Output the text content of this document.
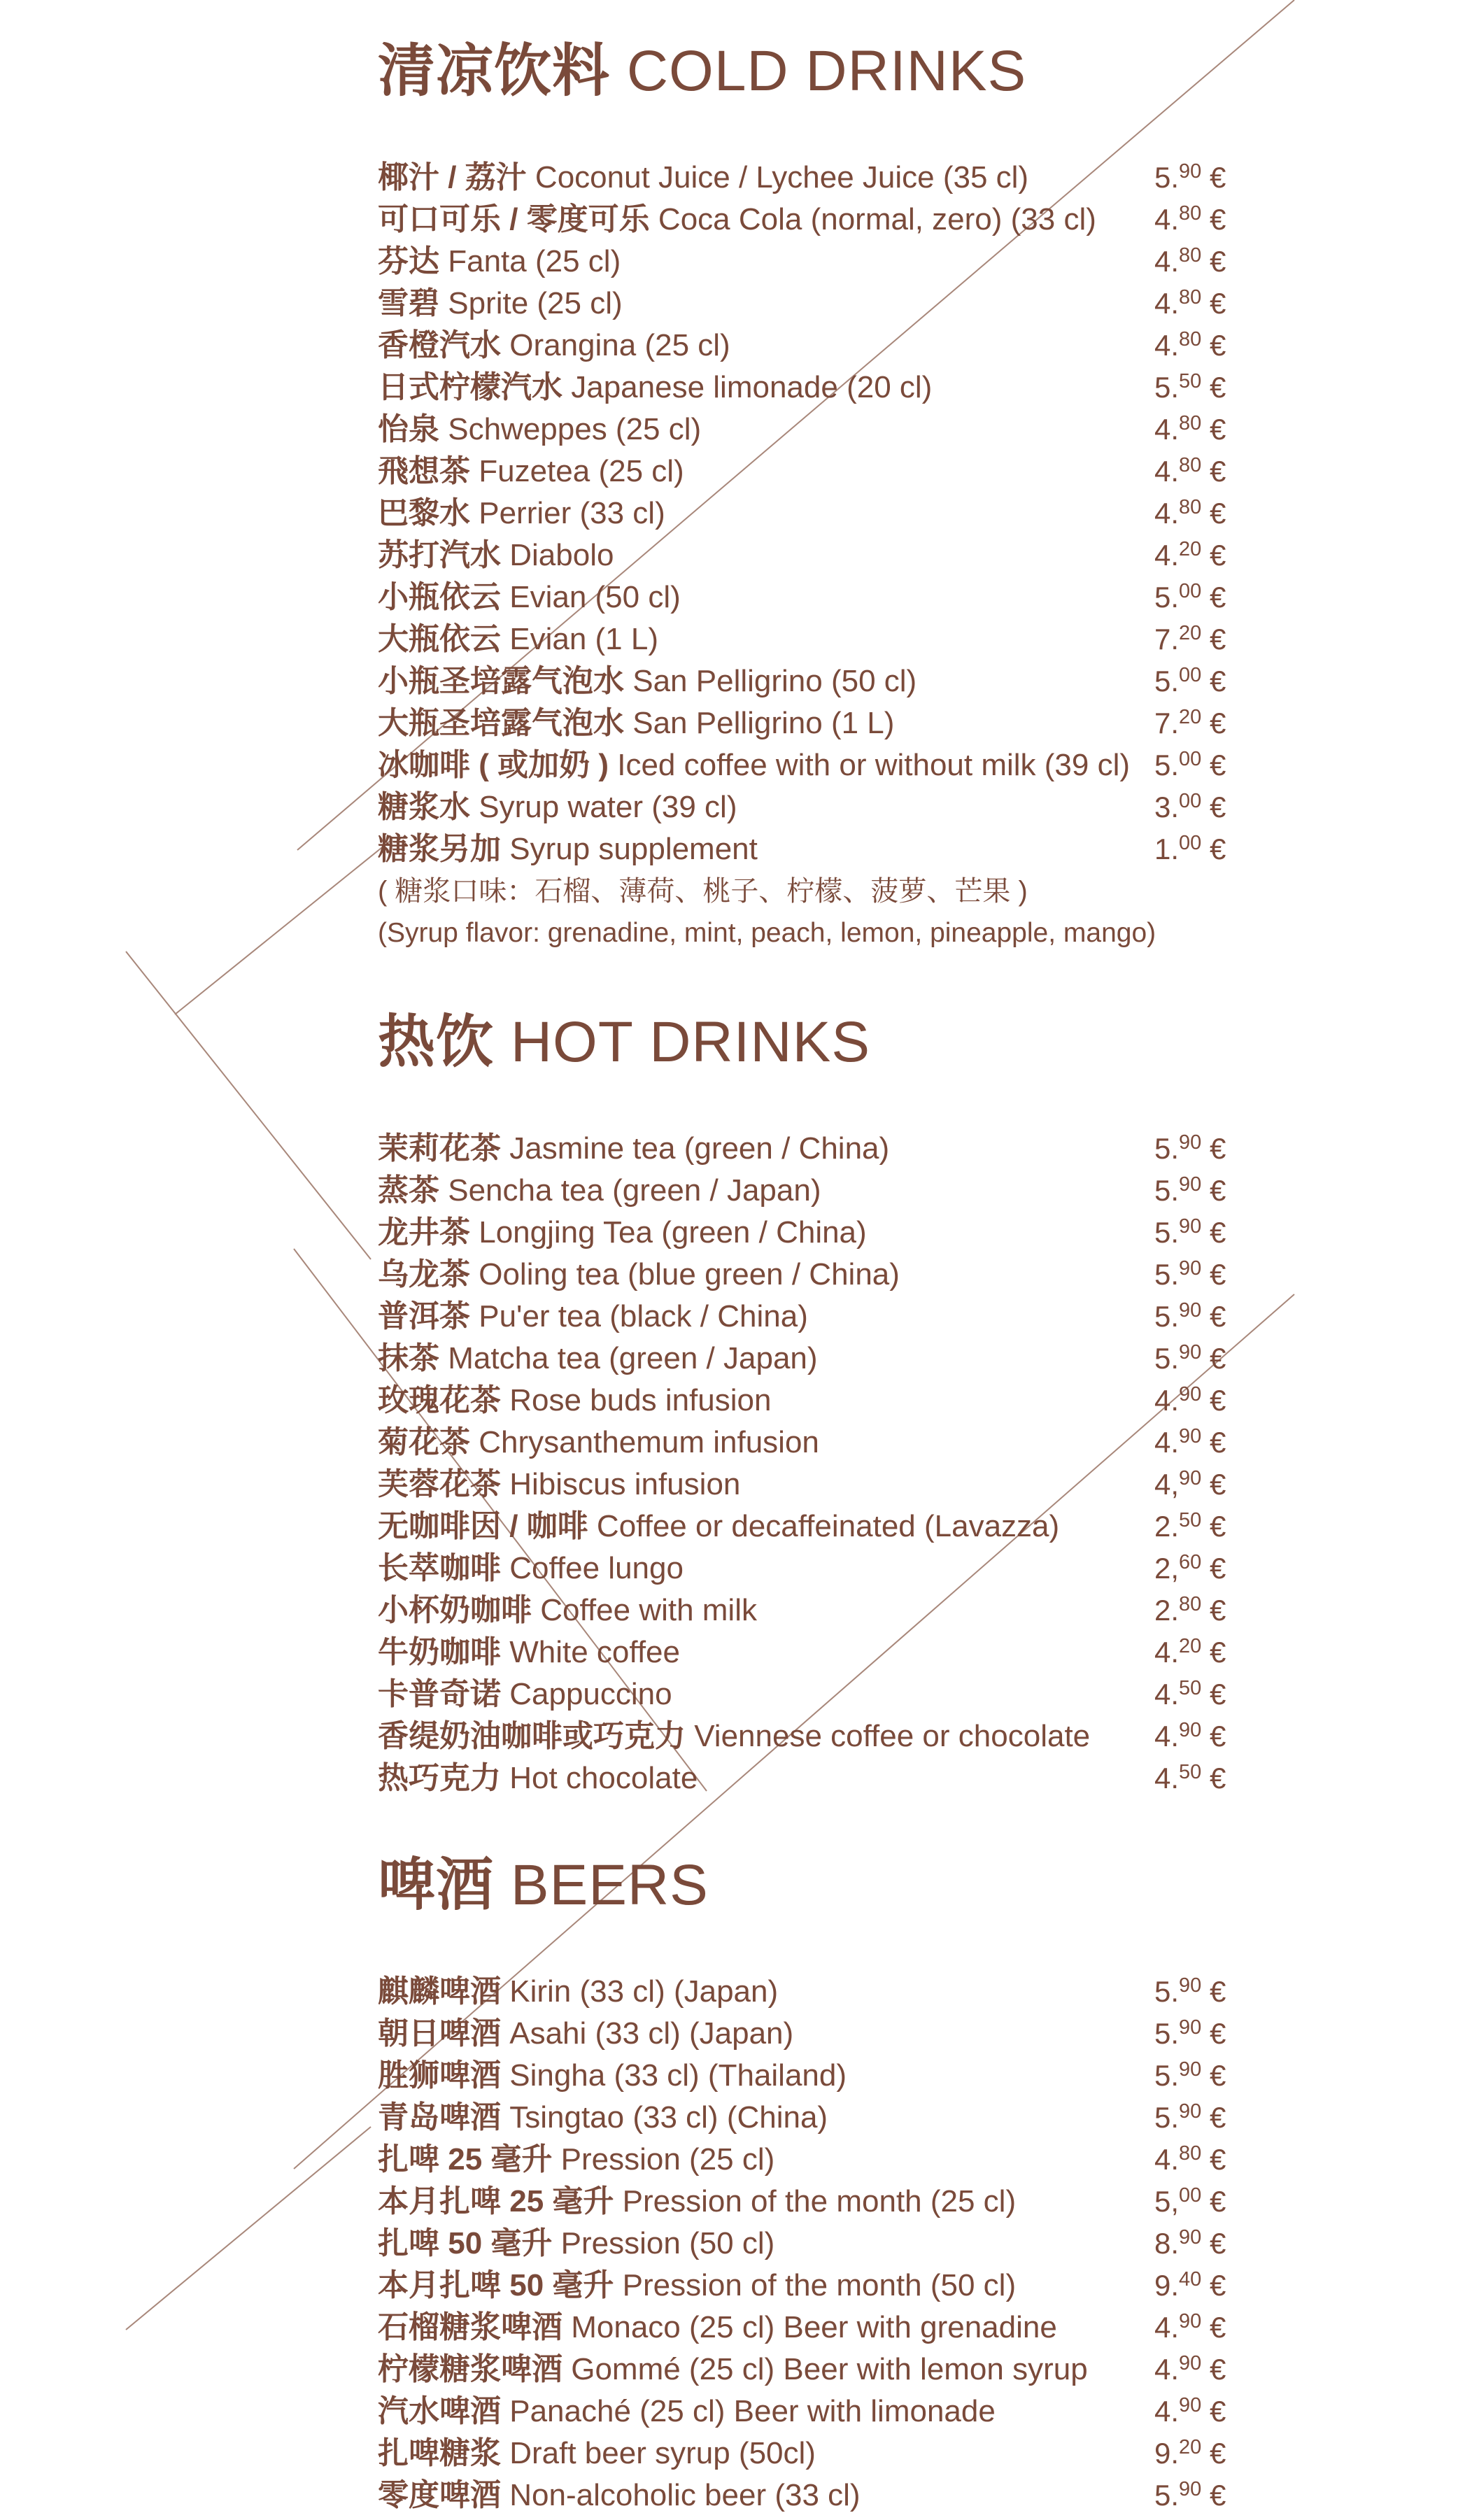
清凉饮料 COLD DRINKS
椰汁 / 荔汁 Coconut Juice / Lychee Juice (35 cl)	5.90 €
可口可乐 / 零度可乐 Coca Cola (normal, zero) (33 cl)	4.80 €
芬达 Fanta (25 cl)	4.80 €
雪碧 Sprite (25 cl)	4.80 €
香橙汽水 Orangina (25 cl)	4.80 €
日式柠檬汽水 Japanese limonade (20 cl)	5.50 €
怡泉 Schweppes (25 cl)	4.80 €
飛想茶 Fuzetea (25 cl)	4.80 €
巴黎水 Perrier (33 cl)	4.80 €
苏打汽水 Diabolo	4.20 €
小瓶依云 Evian (50 cl)	5.00 €
大瓶依云 Evian (1 L)	7.20 €
小瓶圣培露气泡水 San Pelligrino (50 cl)	5.00 €
大瓶圣培露气泡水 San Pelligrino (1 L)	7.20 €
冰咖啡 ( 或加奶 ) Iced coffee with or without milk (39 cl) 5.00 €
糖浆水 Syrup water (39 cl)	3.00 €
糖浆另加 Syrup supplement	1.00 €
( 糖浆口味：石榴、薄荷、桃子、柠檬、菠萝、芒果 )
(Syrup flavor: grenadine, mint, peach, lemon, pineapple, mango)
热饮 HOT DRINKS
茉莉花茶 Jasmine tea (green / China)	5.90 €
蒸茶 Sencha tea (green / Japan)	5.90 €
龙井茶 Longjing Tea (green / China)	5.90 €
乌龙茶 Ooling tea (blue green / China)	5.90 €
普洱茶 Pu'er tea (black / China)	5.90 €
抹茶 Matcha tea (green / Japan)	5.90 €
玫瑰花茶 Rose buds infusion	4.90 €
菊花茶 Chrysanthemum infusion	4.90 €
芙蓉花茶 Hibiscus infusion	4,90 €
无咖啡因 / 咖啡 Coffee or decaffeinated (Lavazza)	2.50 €
长萃咖啡 Coffee lungo	2,60 €
小杯奶咖啡 Coffee with milk	2.80 €
牛奶咖啡 White coffee	4.20 €
卡普奇诺 Cappuccino	4.50 €
香缇奶油咖啡或巧克力 Viennese coffee or chocolate	4.90 €
热巧克力 Hot chocolate	4.50 €
啤酒 BEERS
麒麟啤酒 Kirin (33 cl) (Japan)	5.90 €
朝日啤酒 Asahi (33 cl) (Japan)	5.90 €
胜狮啤酒 Singha (33 cl) (Thailand)	5.90 €
青岛啤酒 Tsingtao (33 cl) (China)	5.90 €
扎啤 25 毫升 Pression (25 cl)	4.80 €
本月扎啤 25 毫升 Pression of the month (25 cl)	5,00 €
扎啤 50 毫升 Pression (50 cl)	8.90 €
本月扎啤 50 毫升 Pression of the month (50 cl)	9.40 €
石榴糖浆啤酒 Monaco (25 cl) Beer with grenadine	4.90 €
柠檬糖浆啤酒 Gommé (25 cl) Beer with lemon syrup	4.90 €
汽水啤酒 Panaché (25 cl) Beer with limonade	4.90 €
扎啤糖浆 Draft beer syrup (50cl)	9.20 €
零度啤酒 Non-alcoholic beer (33 cl)	5.90 €
